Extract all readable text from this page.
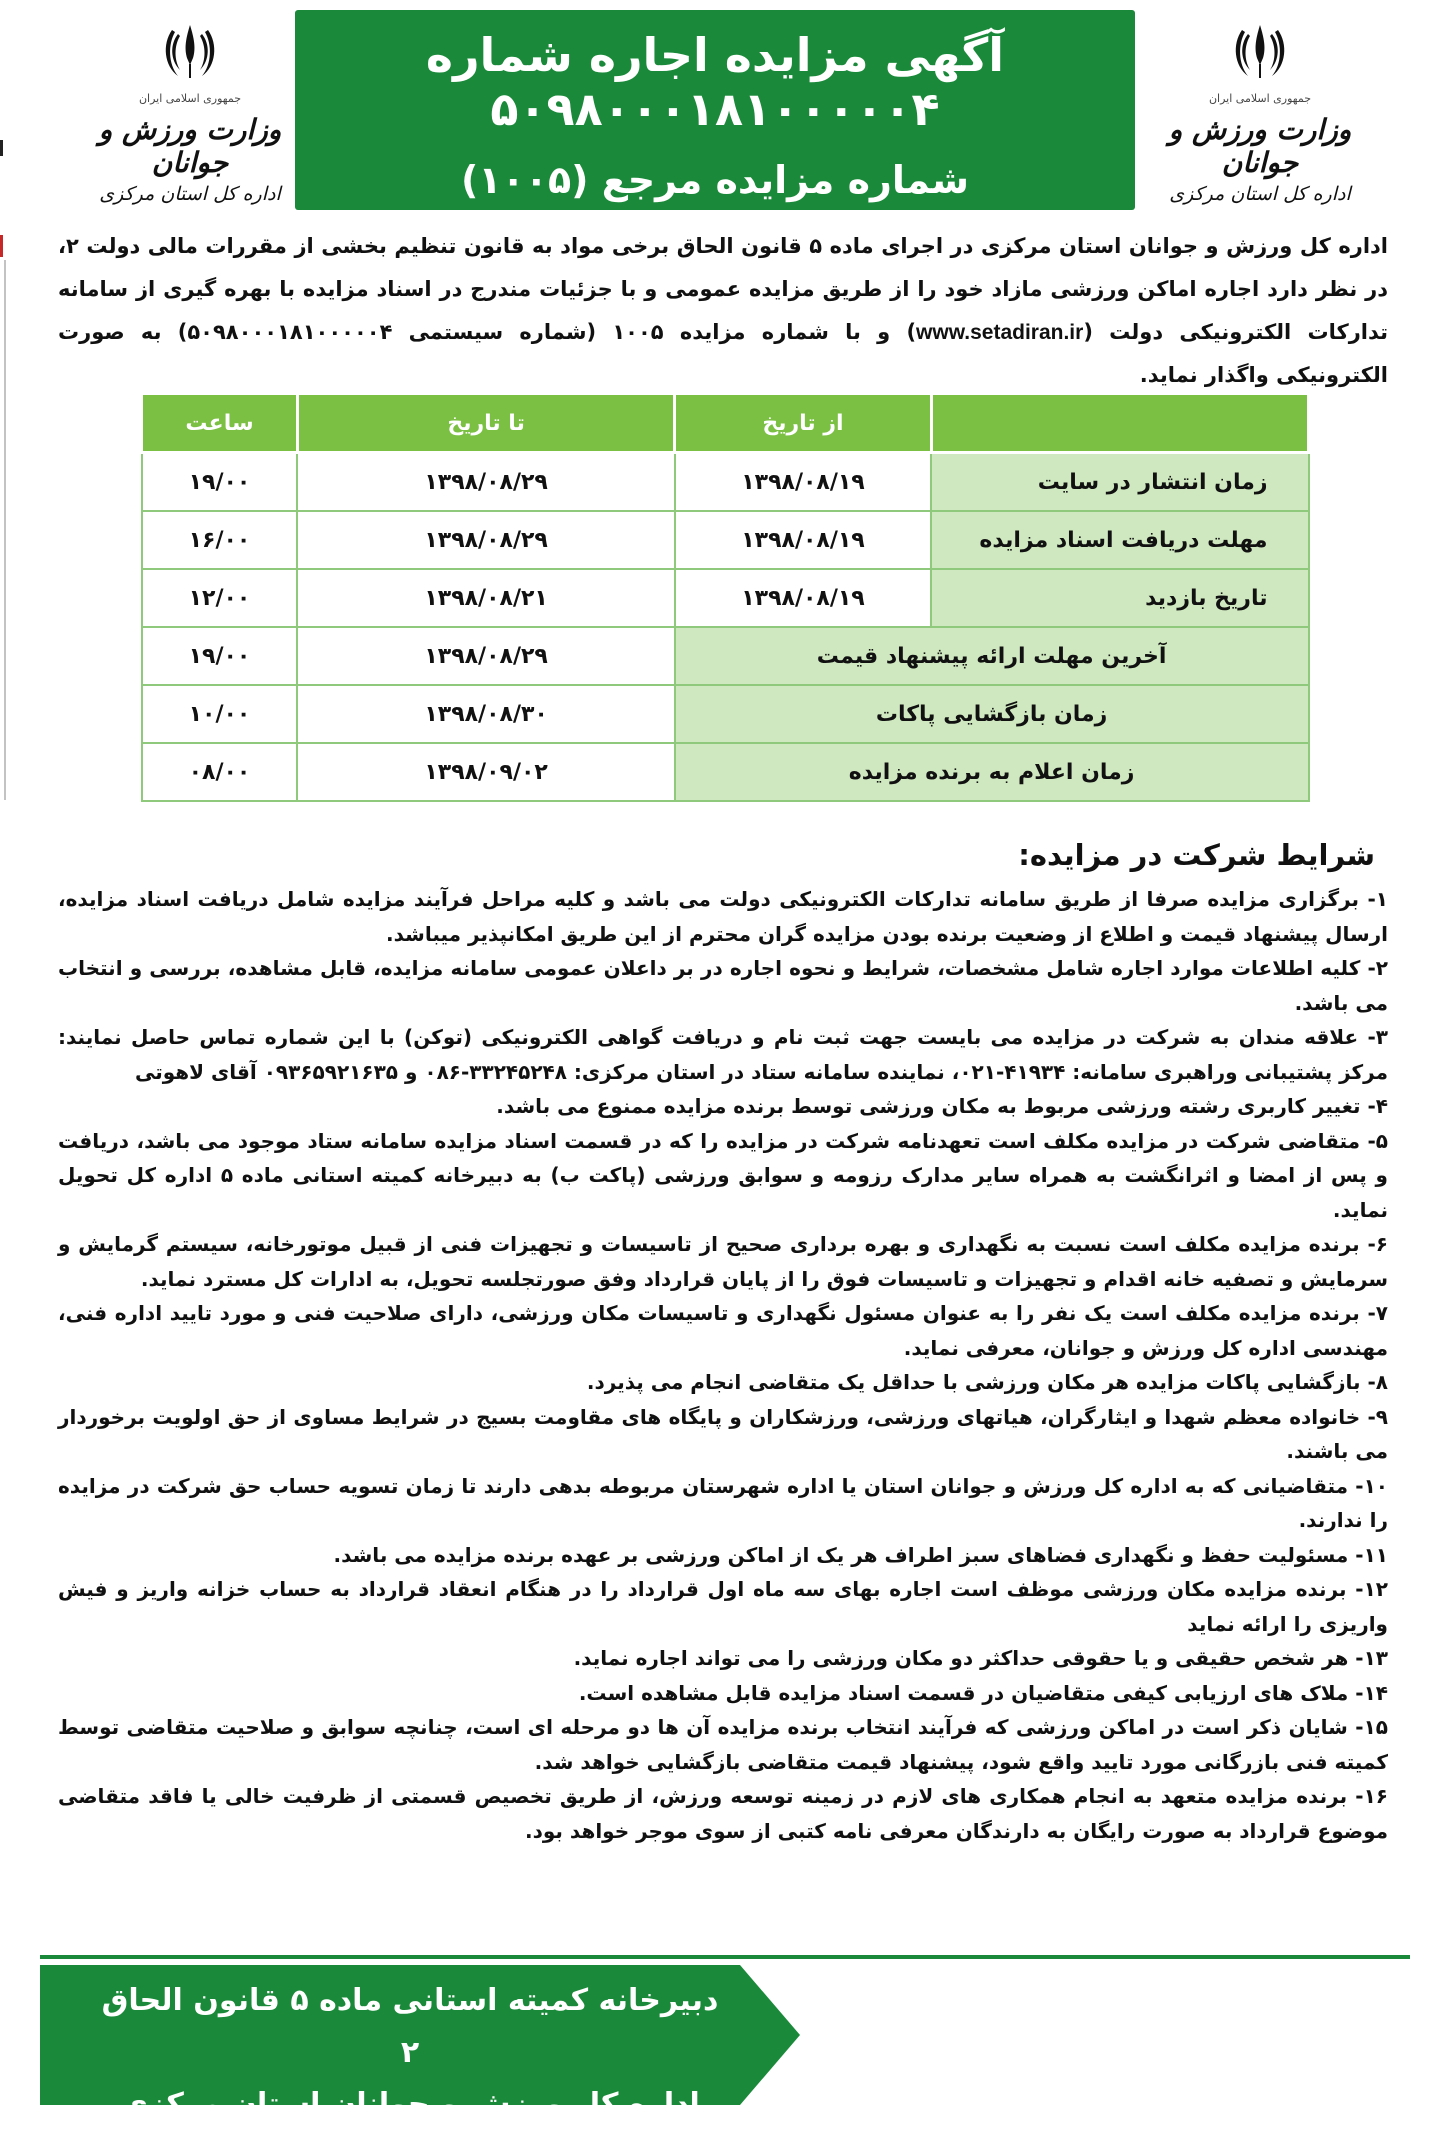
جمهوری اسلامی ایران
وزارت ورزش و جوانان
اداره کل استان مرکزی
آگهی مزایده اجاره شماره ۵۰۹۸۰۰۰۱۸۱۰۰۰۰۰۴
شماره مزایده مرجع (۱۰۰۵)
جمهوری اسلامی ایران
وزارت ورزش و جوانان
اداره کل استان مرکزی
اداره کل ورزش و جوانان استان مرکزی در اجرای ماده ۵ قانون الحاق برخی مواد به قانون تنظیم بخشی از مقررات مالی دولت ۲، در نظر دارد اجاره اماکن ورزشی مازاد خود را از طریق مزایده عمومی و با جزئیات مندرج در اسناد مزایده با بهره گیری از سامانه تدارکات الکترونیکی دولت (www.setadiran.ir) و با شماره مزایده ۱۰۰۵ (شماره سیستمی ۵۰۹۸۰۰۰۱۸۱۰۰۰۰۰۴) به صورت الکترونیکی واگذار نماید.
	از تاریخ	تا تاریخ	ساعت
زمان انتشار در سایت	۱۳۹۸/۰۸/۱۹	۱۳۹۸/۰۸/۲۹	۱۹/۰۰
مهلت دریافت اسناد مزایده	۱۳۹۸/۰۸/۱۹	۱۳۹۸/۰۸/۲۹	۱۶/۰۰
تاریخ بازدید	۱۳۹۸/۰۸/۱۹	۱۳۹۸/۰۸/۲۱	۱۲/۰۰
آخرین مهلت ارائه پیشنهاد قیمت		۱۳۹۸/۰۸/۲۹	۱۹/۰۰
زمان بازگشایی پاکات		۱۳۹۸/۰۸/۳۰	۱۰/۰۰
زمان اعلام به برنده مزایده		۱۳۹۸/۰۹/۰۲	۰۸/۰۰
شرایط شرکت در مزایده:

۱- برگزاری مزایده صرفا از طریق سامانه تدارکات الکترونیکی دولت می باشد و کلیه مراحل فرآیند مزایده شامل دریافت اسناد مزایده، ارسال پیشنهاد قیمت و اطلاع از وضعیت برنده بودن مزایده گران محترم از این طریق امکانپذیر میباشد.

۲- کلیه اطلاعات موارد اجاره شامل مشخصات، شرایط و نحوه اجاره در بر داعلان عمومی سامانه مزایده، قابل مشاهده، بررسی و انتخاب می باشد.

۳- علاقه مندان به شرکت در مزایده می بایست جهت ثبت نام و دریافت گواهی الکترونیکی (توکن) با این شماره تماس حاصل نمایند: مرکز پشتیبانی وراهبری سامانه: ۴۱۹۳۴-۰۲۱، نماینده سامانه ستاد در استان مرکزی: ۳۳۲۴۵۲۴۸-۰۸۶ و ۰۹۳۶۵۹۲۱۶۳۵ آقای لاهوتی

۴- تغییر کاربری رشته ورزشی مربوط به مکان ورزشی توسط برنده مزایده ممنوع می باشد.

۵- متقاضی شرکت در مزایده مکلف است تعهدنامه شرکت در مزایده را که در قسمت اسناد مزایده سامانه ستاد موجود می باشد، دریافت و پس از امضا و اثرانگشت به همراه سایر مدارک رزومه و سوابق ورزشی (پاکت ب) به دبیرخانه کمیته استانی ماده ۵ اداره کل تحویل نماید.

۶- برنده مزایده مکلف است نسبت به نگهداری و بهره برداری صحیح از تاسیسات و تجهیزات فنی از قبیل موتورخانه، سیستم گرمایش و سرمایش و تصفیه خانه اقدام و تجهیزات و تاسیسات فوق را از پایان قرارداد وفق صورتجلسه تحویل، به ادارات کل مسترد نماید.

۷- برنده مزایده مکلف است یک نفر را به عنوان مسئول نگهداری و تاسیسات مکان ورزشی، دارای صلاحیت فنی و مورد تایید اداره فنی، مهندسی اداره کل ورزش و جوانان، معرفی نماید.

۸- بازگشایی پاکات مزایده هر مکان ورزشی با حداقل یک متقاضی انجام می پذیرد.

۹- خانواده معظم شهدا و ایثارگران، هیاتهای ورزشی، ورزشکاران و پایگاه های مقاومت بسیج در شرایط مساوی از حق اولویت برخوردار می باشند.

۱۰- متقاضیانی که به اداره کل ورزش و جوانان استان یا اداره شهرستان مربوطه بدهی دارند تا زمان تسویه حساب حق شرکت در مزایده را ندارند.

۱۱- مسئولیت حفظ و نگهداری فضاهای سبز اطراف هر یک از اماکن ورزشی بر عهده برنده مزایده می باشد.

۱۲- برنده مزایده مکان ورزشی موظف است اجاره بهای سه ماه اول قرارداد را در هنگام انعقاد قرارداد به حساب خزانه واریز و فیش واریزی را ارائه نماید

۱۳- هر شخص حقیقی و یا حقوقی حداکثر دو مکان ورزشی را می تواند اجاره نماید.

۱۴- ملاک های ارزیابی کیفی متقاضیان در قسمت اسناد مزایده قابل مشاهده است.

۱۵- شایان ذکر است در اماکن ورزشی که فرآیند انتخاب برنده مزایده آن ها دو مرحله ای است، چنانچه سوابق و صلاحیت متقاضی توسط کمیته فنی بازرگانی مورد تایید واقع شود، پیشنهاد قیمت متقاضی بازگشایی خواهد شد.

۱۶- برنده مزایده متعهد به انجام همکاری های لازم در زمینه توسعه ورزش، از طریق تخصیص قسمتی از ظرفیت خالی یا فاقد متقاضی موضوع قرارداد به صورت رایگان به دارندگان معرفی نامه کتبی از سوی موجر خواهد بود.

دبیرخانه کمیته استانی ماده ۵ قانون الحاق ۲
اداره کل ورزش و جوانان استان مرکزی
